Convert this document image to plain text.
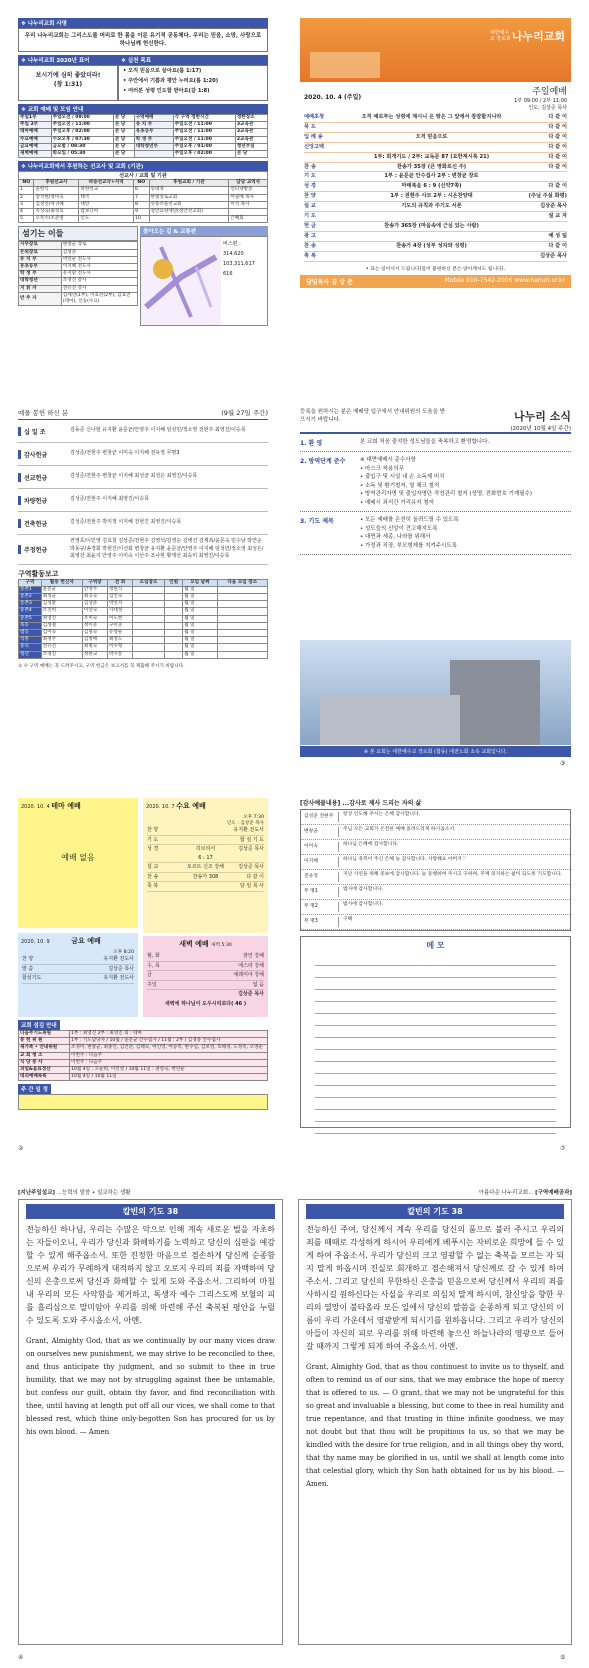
❖ 나누리교회 사명
우리 나누리교회는 그리스도를 머리로 한 몸을 이룬 유기적 공동체다. 우리는 믿음, 소망, 사랑으로 하나님께 헌신한다.
❖ 나누리교회 2020년 표어
보시기에 심히 좋았더라!
(창 1:31)
❖ 실천 목표
• 오직 믿음으로 살아요(롬 1:17)
• 주안에서 기쁨과 평안 누려요(롬 1:20)
• 여러분 성령 인도함 받아요(갈 1:8)
❖ 교회 예배 및 모임 안내
주일1부	주일오전 / 09:00	본 당	구역예배	각 구역 정한시간	정한장소
주일 2부	주일오전 / 11:00	본 당	유 치 부	주일오전 / 11:00	3교육관
테마예배	주일오후 / 02:00	본 당	유초등부	주일오전 / 11:00	3교육관
수요예배	수요오후 / 07:30	본 당	학 생 부	주일오전 / 11:00	2교육관
금요예배	금요밤 / 08:30	본 당	대학청년부	주일오후 / 01:00	청년부실
새벽예배	화요일 / 05:30	본 당		주일오후 / 02:00	본 당
❖ 나누리교회에서 후원하는 선교사 및 교회 (기관)
선교사 / 교회 및 기관
NO	후원선교사	파송선교국+지역	NO	후원교회 / 기관	담당 교역자
1	윤한식	북한선교	6	동대경	인터넷방송
2	장석현/정미숙	태국	7	한빛장로교회	이필배 목사
3	김성진/차귀혜	대만	8	뜻플러플선교회	이석 목사
4	유상숙/최경호	캄보디아	9	성안요양재단(성안선교회)	
5	오복수/조준열	인도	10		은혜회
섬기는 이들
시무장로	변창균 장로
은퇴장로	김성준
유 치 부	박연순 전도사
유초등부	이지혜 전도사
학 생 부	유지환 전도사
대학청년	조경진 강사
지 휘 자	전유진 강사
반 주 자	김세연(1부), 이효선(2부), 김효연(테마), 신승(수요)
찾아오는 길 & 교통편
버스편 :
314,620
103,311,617
616
대한예수교 장로회 나누리교회
2020. 10. 4 (주일)
주일예배
1부 09:00 / 2부 11:00
인도: 김상준 목사
예배초청	오직 예로부는 성령에 계시니 온 땅은 그 앞에서 잠잠할지니라	다 같 이
묵 도	다 같 이
입 례 송	오직 믿음으로	다 같 이
신앙고백	다 같 이
1부: 회개기도 / 2부: 교독문 87 (요한계시록 21)	다 같 이
찬 송	찬송가 35장 (큰 영화로신 주)	다 같 이
기 도	1부 : 윤문균 안수집사 2부 : 변창균 장로
성 경	마태복음 6 : 9 (신약7쪽)	다 같 이
찬 양	1부 : 권현주 사모 2부 : 시온찬양대	(주님 주실 화평)
설 교	기도의 규칙과 주기도 서론	김상준 목사
기 도	설 교 자
헌 금	찬송가 365장 (마음속에 근심 있는 사람)
광 고	예 성 팀
찬 송	찬송가 4장 (성부 성자와 성령)	다 같 이
축 복	김상준 목사
• 표는 일어서서 드립니다(몸이 불편하신 분은 앉아계셔도 됩니다).
담임목사 김 상 준	Mobile 010-7542-2006 www.nanuri.or.kr
예물 봉헌 하신 분	(9월 27일 주간)
십 일 조	김동준 신나현 유지환 윤문균/안영주 이지혜 임성민/정소영 전현주 최영진/이승목
감사헌금	김성준/전현주 변창균 이미숙 이지혜 전유정 무명3
선교헌금	김성준/전현주 변창균 이지혜 최성균 최성은 최영진/이승목
차량헌금	김성준/전현주 이지혜 최영진/이승목
건축헌금	김성준/전현주 박미정 이지혜 전현진 최영진/이승목
주정헌금
권영호/이민영 김효철 김상준/전현주 김영석/김영순 김병진 김재복/윤문숙 민수남 박연순 박동규/송경회 박현진/이선화 변창균 유지환 윤문균/안영주 이지혜 임성민/정소영 최성은/최영진 최윤지 안영주 이미숙 이선주 조나현 황재선 최숙미 최영진/이승목
구역활동보고
구역	활동 헌신자	구역장	전 화	모임장소	인원	모임 날짜	다음 모임 장소
송촌1	윤문균	안영주	정원식			월 일	
송촌2	최성균	최공숙	김인숙			월 일	
송촌3	김성환	김상준	박연지			월 일	
송촌4	조진희	이연숙	사대성			월 일	
송촌5	최영진	조미숙	이도현			월 일	
목동	김성철	정이준	구이준			월 일	
법동	김이숙	김명숙	유영순			월 일	
석봉	최정주	김정애	최성도			월 일	
중리	전유진	최병숙	이수형			월 일	
청년	조경진	정한교	박시문			월 일	
① 수 구역 예배는 꼭 드려주시고, 구역 헌금은 보고서를 꼭 제출해 주시기 바랍니다.
등록을 원하시는 분은 예배당 입구에서 안내위원의 도움을 받으시기 바랍니다.	나누리 소식
(2020년 10월 4일 주간)
1. 환 영	본 교회 처음 출석한 성도님들을 축복하고 환영합니다.
2. 방역단계 준수	※ 대면예배시 준수사항
• 마스크 착용의무
• 출입구 및 시설 내 손 소독제 비치
• 소독 및 환기철저, 열 체크 철저
• 방역관리자명 및 출입자명단 작성관리 철저 (성명, 전화번호 기재필수)
• 예배시 좌석간 거리유지 철저
3. 기도 제목	• 모든 예배를 온전히 올려드릴 수 있도록
• 성도들의 신앙이 견고해지도록
• 대면과 세종, 나라를 위해서
• 가정과 직장, 부모형제를 지켜주시도록
※ 본 교회는 대한예수교 장로회 (합동) 대전노회 소속 교회입니다.
2020. 10. 4 테마 예배
예배 없음
2020. 10. 7 수요 예배
오후 7:30
인도 : 김상준 목사
찬 양	유지환 전도사
기 도	합 심 기 도
성 경	히브리서
6 : 17
김상준 목사
설 교	토르트 신조 강해	김상준 목사
찬 송	찬송가 308	다 같 이
축 복	담 임 목 사
2020. 10. 9	금요 예배
오후 8:20
찬 양	유지환 전도사
말 씀	김상준 목사
합심기도	유지환 전도사
새벽 예배 새벽 5:30
월, 화	잠언 강해
수, 목	에스라 강해
금	예레미야 강해
주일	없 음
김상준 목사
새벽에 하나님이 도우시리로다( 46 )
교회 섬김 안내
다음주기도위원	1부 : 최영진 2부 : 최영진 외 : 테마
봉 헌 위 원	1부 : 기도담당자 / 10월 / 윤문균 안수집사 / 11월 : 2부 / 김경종 안수집사
새가족 • 안내위원	조경미, 변창균, 최종인, 김진준, 김태숙, 여인영, 여승복, 한수심, 김보영, 호해경, 도정옥, 오영순
교 회 청 소	이번주 : 다음주
식 당 봉 사	이번주 : 다음주
과일&음료정산	10월 4일 : 오순희, 이민영 / 10월 11일 : 권영숙, 박연순
대외예배목록	10월 4일 / 10월 11일
주 간 일 정
[감사예물내용] ...감사로 제사 드리는 자의 삶
김성준 전현주	항상 인도해 주시는 은혜 감사합니다.
변창균	주님 모든 교회가 온전한 예배 올려드리게 하시옵소서.
이미숙	하나님 은혜에 감사합니다.
이지혜	하나님 축복이 주신 은혜 늘 감사합니다. 사랑해요 아버지♡
전유정	지난 사연을 위해 중보에 감사합니다. 늘 동행하여 주시고 구하며, 주께 의지하는 삶이 되도록 기도합니다.
무 명1	범사에 감사합니다.
무 명2	범사에 감사합니다.
무 명3	구해
메 모
[지난주일설교] ...능력의 말씀 • 설교하는 생활
칼빈의 기도 38
전능하신 하나님, 우리는 수많은 악으로 인해 계속 새로운 벌을 자초하는 자들이오니, 우리가 당신과 화해하기를 노력하고 당신의 심판을 예감할 수 있게 해주옵소서. 또한 진정한 마음으로 겸손하게 당신께 순종함으로써 우리가 무례하게 대적하지 않고 오로지 우리의 죄를 자백하여 당신의 은총으로써 당신과 화해할 수 있게 도와 주옵소서. 그리하여 마침내 우리의 모든 사악함을 제거하고, 독생자 예수 그리스도께 보혈의 피를 흘리심으로 말미암아 우리를 위해 마련해 주신 축복된 평안을 누릴 수 있도록 도와 주시옵소서, 아멘.
Grant, Almighty God, that as we continually by our many vices draw on ourselves new punishment, we may strive to be reconciled to thee, and thus anticipate thy judgment, and so submit to thee in true humility, that we may not by struggling against thee be untamable, but confess our guilt, obtain thy favor, and find reconciliation with thee, until having at length put off all our vices, we shall come to that blessed rest, which thine only-begotten Son has procured for us by his own blood. — Amen
아름다운 나누리교회... [구역예배공과]
칼빈의 기도 38
전능하신 주여, 당신께서 계속 우리를 당신의 품으로 불러 주시고 우리의 죄를 때때로 각성하게 하시어 우리에게 베푸시는 자비로운 희망에 들 수 있게 하여 주옵소서. 우리가 당신의 크고 영광할 수 없는 축복을 모르는 자 되지 말게 하옵시며 진실로 회개하고 겸손해져서 당신께로 갈 수 있게 하여 주소서. 그리고 당신의 무한하신 은총을 믿음으로써 당신께서 우리의 죄를 사하시길 원하신다는 사실을 우리로 의심치 말게 하시며, 참신앙을 향한 우리의 열망이 불타올라 모든 일에서 당신의 말씀을 순종하게 되고 당신의 이름이 우리 가운데서 영광받게 되시기를 원하옵니다. 그리고 우리가 당신의 아들이 자신의 피로 우리를 위해 마련해 놓으신 하늘나라의 영광으로 들어갈 때까지 그렇게 되게 하여 주옵소서. 아멘.
Grant, Almighty God, that as thou continuest to invite us to thyself, and often to remind us of our sins, that we may embrace the hope of mercy that is offered to us. — O grant, that we may not be ungrateful for this so great and invaluable a blessing, but come to thee in real humility and true repentance, and that trusting in thine infinite goodness, we may not doubt but that thou wilt be propitious to us, so that we may be kindled with the desire for true religion, and in all things obey thy word, that thy name may be glorified in us, until we shall at length come into that celestial glory, which thy Son hath obtained for us by his blood. — Amen.
②
③
⑦
④	⑤
